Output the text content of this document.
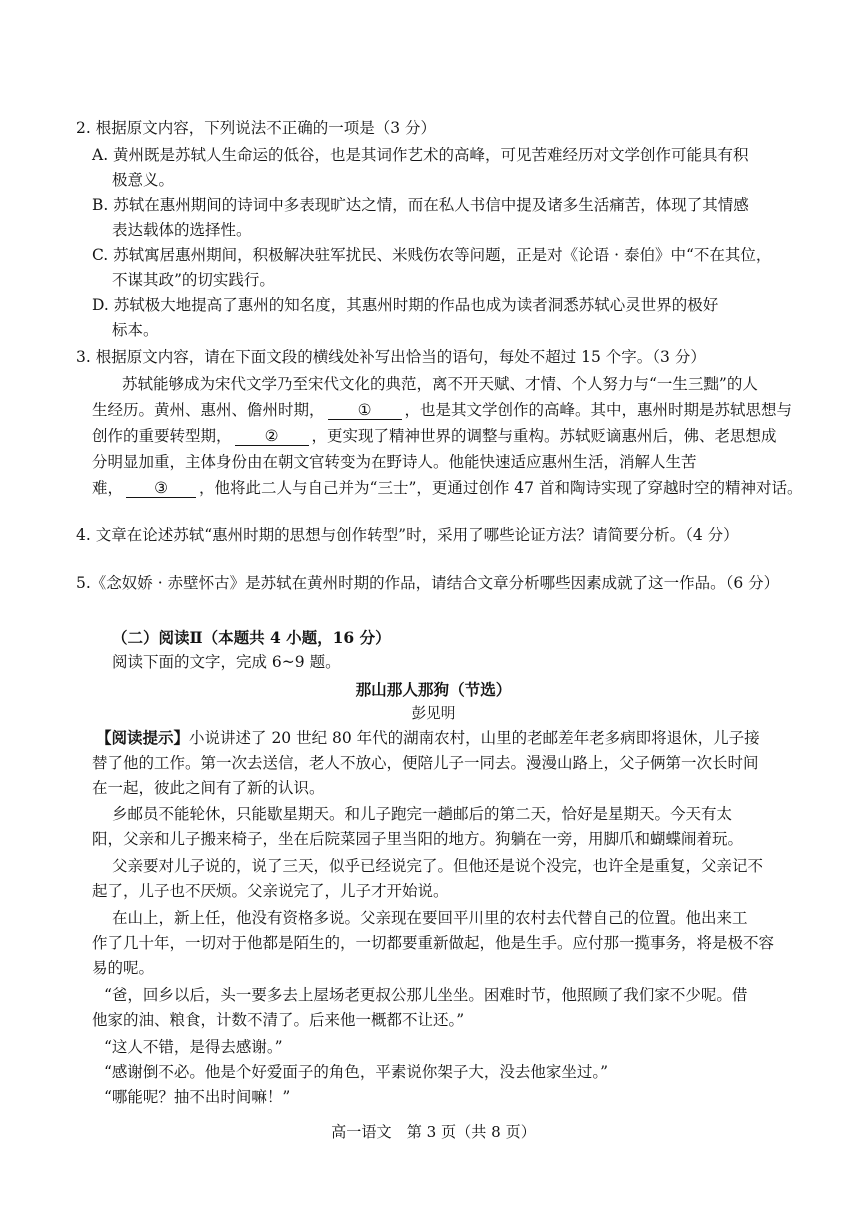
2. 根据原文内容，下列说法不正确的一项是（3 分）
A. 黄州既是苏轼人生命运的低谷，也是其词作艺术的高峰，可见苦难经历对文学创作可能具有积
极意义。
B. 苏轼在惠州期间的诗词中多表现旷达之情，而在私人书信中提及诸多生活痛苦，体现了其情感
表达载体的选择性。
C. 苏轼寓居惠州期间，积极解决驻军扰民、米贱伤农等问题，正是对《论语 · 泰伯》中“不在其位，
不谋其政”的切实践行。
D. 苏轼极大地提高了惠州的知名度，其惠州时期的作品也成为读者洞悉苏轼心灵世界的极好
标本。
3. 根据原文内容，请在下面文段的横线处补写出恰当的语句，每处不超过 15 个字。（3 分）
苏轼能够成为宋代文学乃至宋代文化的典范，离不开天赋、才情、个人努力与“一生三黜”的人
生经历。黄州、惠州、儋州时期， ① ，也是其文学创作的高峰。其中，惠州时期是苏轼思想与
创作的重要转型期， ② ，更实现了精神世界的调整与重构。苏轼贬谪惠州后，佛、老思想成
分明显加重，主体身份由在朝文官转变为在野诗人。他能快速适应惠州生活，消解人生苦
难， ③ ，他将此二人与自己并为“三士”，更通过创作 47 首和陶诗实现了穿越时空的精神对话。
4. 文章在论述苏轼“惠州时期的思想与创作转型”时，采用了哪些论证方法？请简要分析。（4 分）
5.《念奴娇 · 赤壁怀古》是苏轼在黄州时期的作品，请结合文章分析哪些因素成就了这一作品。（6 分）
（二）阅读Ⅱ（本题共 4 小题，16 分）
阅读下面的文字，完成 6~9 题。
那山那人那狗（节选）
彭见明
【阅读提示】小说讲述了 20 世纪 80 年代的湖南农村，山里的老邮差年老多病即将退休，儿子接
替了他的工作。第一次去送信，老人不放心，便陪儿子一同去。漫漫山路上，父子俩第一次长时间
在一起，彼此之间有了新的认识。
乡邮员不能轮休，只能歇星期天。和儿子跑完一趟邮后的第二天，恰好是星期天。今天有太
阳，父亲和儿子搬来椅子，坐在后院菜园子里当阳的地方。狗躺在一旁，用脚爪和蝴蝶闹着玩。
父亲要对儿子说的，说了三天，似乎已经说完了。但他还是说个没完，也许全是重复，父亲记不
起了，儿子也不厌烦。父亲说完了，儿子才开始说。
在山上，新上任，他没有资格多说。父亲现在要回平川里的农村去代替自己的位置。他出来工
作了几十年，一切对于他都是陌生的，一切都要重新做起，他是生手。应付那一揽事务，将是极不容
易的呢。
“爸，回乡以后，头一要多去上屋场老更叔公那儿坐坐。困难时节，他照顾了我们家不少呢。借
他家的油、粮食，计数不清了。后来他一概都不让还。”
“这人不错，是得去感谢。”
“感谢倒不必。他是个好爱面子的角色，平素说你架子大，没去他家坐过。”
“哪能呢？抽不出时间嘛！”
高一语文　第 3 页（共 8 页）
